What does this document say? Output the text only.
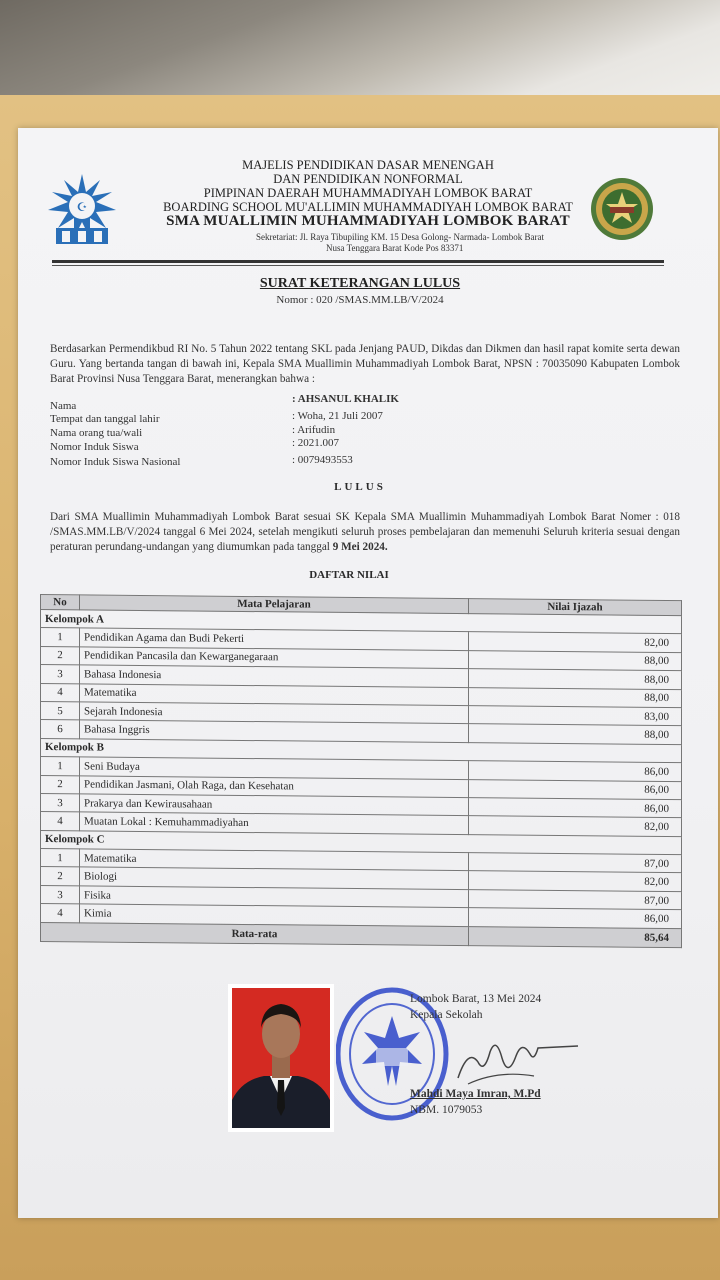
☪
MAJELIS PENDIDIKAN DASAR MENENGAH
DAN PENDIDIKAN NONFORMAL
PIMPINAN DAERAH MUHAMMADIYAH LOMBOK BARAT
BOARDING SCHOOL MU'ALLIMIN MUHAMMADIYAH LOMBOK BARAT
SMA MUALLIMIN MUHAMMADIYAH LOMBOK BARAT
Sekretariat: Jl. Raya Tibupiling KM. 15 Desa Golong- Narmada- Lombok Barat
Nusa Tenggara Barat Kode Pos 83371
SURAT KETERANGAN LULUS
Nomor : 020 /SMAS.MM.LB/V/2024
Berdasarkan Permendikbud RI No. 5 Tahun 2022 tentang SKL pada Jenjang PAUD, Dikdas dan Dikmen dan hasil rapat komite serta dewan Guru. Yang bertanda tangan di bawah ini, Kepala SMA Muallimin Muhammadiyah Lombok Barat, NPSN : 70035090 Kabupaten Lombok Barat Provinsi Nusa Tenggara Barat, menerangkan bahwa :
Nama
: AHSANUL KHALIK
Tempat dan tanggal lahir	: Woha, 21 Juli 2007
Nama orang tua/wali	: Arifudin
Nomor Induk Siswa	: 2021.007
Nomor Induk Siswa Nasional	: 0079493553
LULUS
Dari SMA Muallimin Muhammadiyah Lombok Barat sesuai SK Kepala SMA Muallimin Muhammadiyah Lombok Barat Nomer : 018 /SMAS.MM.LB/V/2024 tanggal 6 Mei 2024, setelah mengikuti seluruh proses pembelajaran dan memenuhi Seluruh kriteria sesuai dengan peraturan perundang-undangan yang diumumkan pada tanggal 9 Mei 2024.
DAFTAR NILAI
No	Mata Pelajaran	Nilai Ijazah
Kelompok A		
1	Pendidikan Agama dan Budi Pekerti	82,00
2	Pendidikan Pancasila dan Kewarganegaraan	88,00
3	Bahasa Indonesia	88,00
4	Matematika	88,00
5	Sejarah Indonesia	83,00
6	Bahasa Inggris	88,00
Kelompok B		
1	Seni Budaya	86,00
2	Pendidikan Jasmani, Olah Raga, dan Kesehatan	86,00
3	Prakarya dan Kewirausahaan	86,00
4	Muatan Lokal : Kemuhammadiyahan	82,00
Kelompok C		
1	Matematika	87,00
2	Biologi	82,00
3	Fisika	87,00
4	Kimia	86,00
Rata-rata		85,64
Lombok Barat, 13 Mei 2024
Kepala Sekolah
Mahdi Maya Imran, M.Pd
NBM. 1079053
